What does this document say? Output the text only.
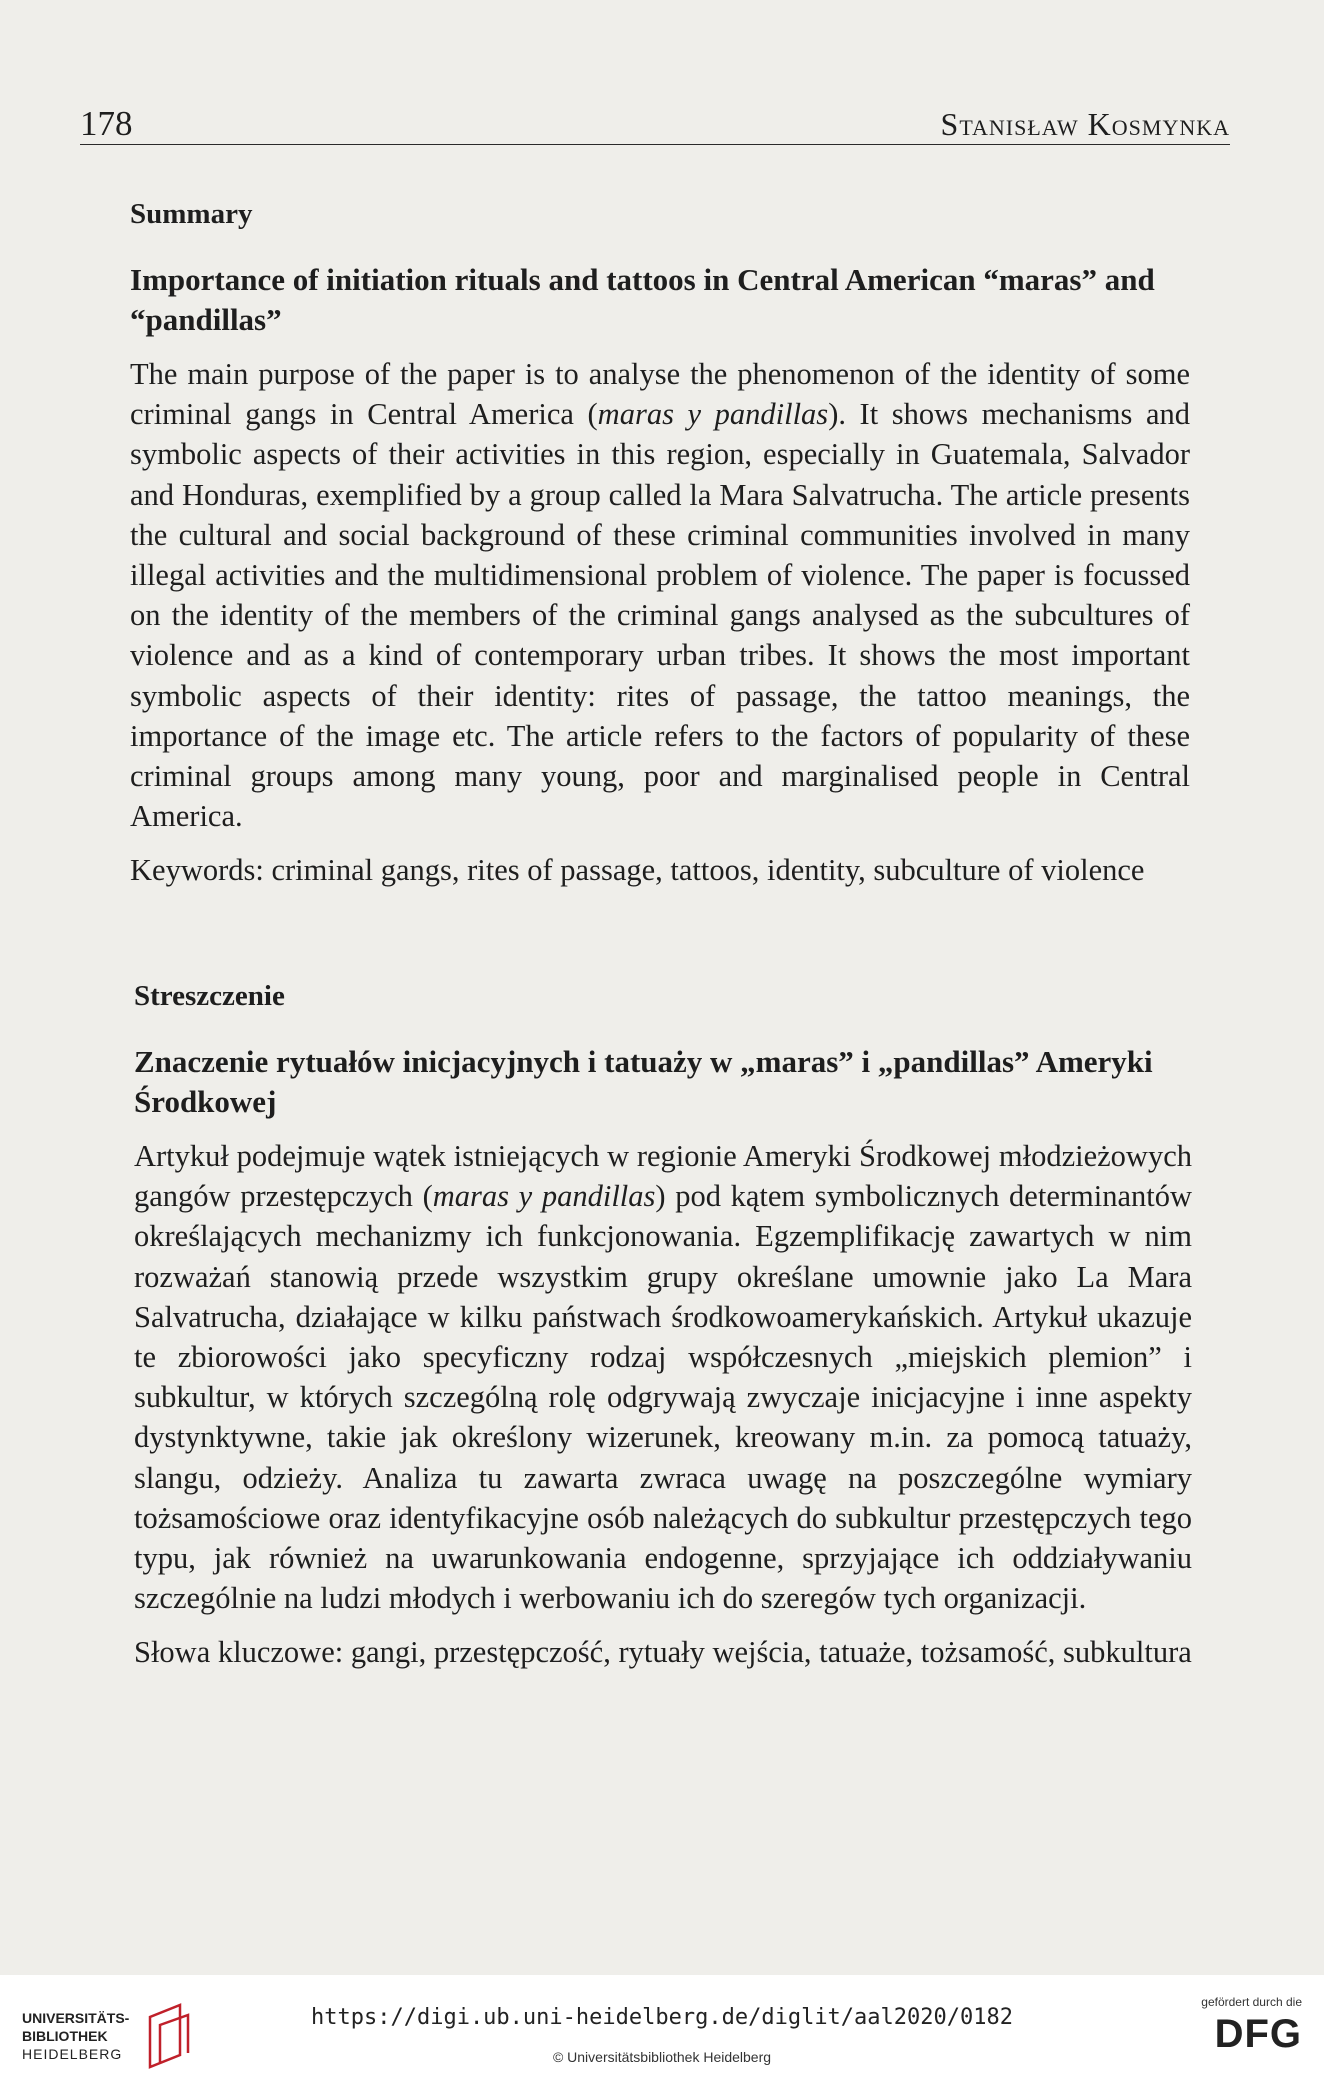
178	Stanisław Kosmynka
Summary
Importance of initiation rituals and tattoos in Central American “maras” and “pandillas”

The main purpose of the paper is to analyse the phenomenon of the identity of some criminal gangs in Central America (maras y pandillas). It shows mechanisms and symbolic aspects of their activities in this region, especially in Guatemala, Salvador and Honduras, exemplified by a group called la Mara Salvatrucha. The article presents the cultural and social background of these criminal communities involved in many illegal activities and the multidimensional problem of violence. The paper is focussed on the identity of the members of the criminal gangs analysed as the subcultures of violence and as a kind of contemporary urban tribes. It shows the most important symbolic aspects of their identity: rites of passage, the tattoo meanings, the importance of the image etc. The article refers to the factors of popularity of these criminal groups among many young, poor and marginalised people in Central America.

Keywords: criminal gangs, rites of passage, tattoos, identity, subculture of violence

Streszczenie
Znaczenie rytuałów inicjacyjnych i tatuaży w „maras” i „pandillas” Ameryki Środkowej

Artykuł podejmuje wątek istniejących w regionie Ameryki Środkowej młodzieżowych gangów przestępczych (maras y pandillas) pod kątem symbolicznych determinantów określających mechanizmy ich funkcjonowania. Egzemplifikację zawartych w nim rozważań stanowią przede wszystkim grupy określane umownie jako La Mara Salvatrucha, działające w kilku państwach środkowoamerykańskich. Artykuł ukazuje te zbiorowości jako specyficzny rodzaj współczesnych „miejskich plemion” i subkultur, w których szczególną rolę odgrywają zwyczaje inicjacyjne i inne aspekty dystynktywne, takie jak określony wizerunek, kreowany m.in. za pomocą tatuaży, slangu, odzieży. Analiza tu zawarta zwraca uwagę na poszczególne wymiary tożsamościowe oraz identyfikacyjne osób należących do subkultur przestępczych tego typu, jak również na uwarunkowania endogenne, sprzyjające ich oddziaływaniu szczególnie na ludzi młodych i werbowaniu ich do szeregów tych organizacji.

Słowa kluczowe: gangi, przestępczość, rytuały wejścia, tatuaże, tożsamość, subkultura

UNIVERSITÄTS-
BIBLIOTHEK
HEIDELBERG
https://digi.ub.uni-heidelberg.de/diglit/aal2020/0182
© Universitätsbibliothek Heidelberg
gefördert durch die
DFG
